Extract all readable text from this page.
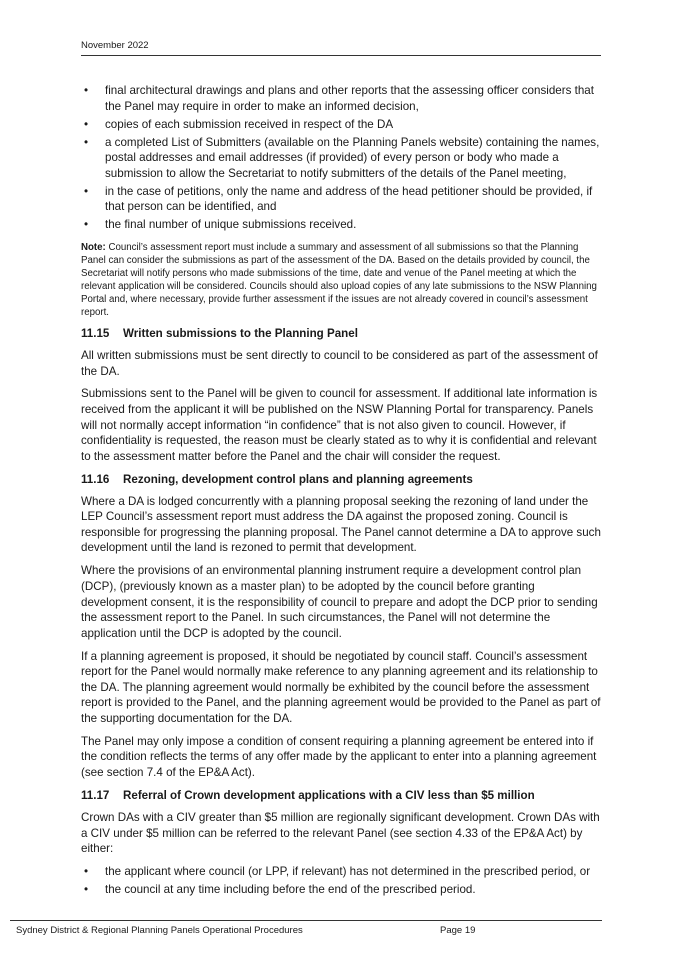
November 2022
• final architectural drawings and plans and other reports that the assessing officer considers that the Panel may require in order to make an informed decision,
• copies of each submission received in respect of the DA
• a completed List of Submitters (available on the Planning Panels website) containing the names, postal addresses and email addresses (if provided) of every person or body who made a submission to allow the Secretariat to notify submitters of the details of the Panel meeting,
• in the case of petitions, only the name and address of the head petitioner should be provided, if that person can be identified, and
• the final number of unique submissions received.
Note: Council’s assessment report must include a summary and assessment of all submissions so that the Planning Panel can consider the submissions as part of the assessment of the DA. Based on the details provided by council, the Secretariat will notify persons who made submissions of the time, date and venue of the Panel meeting at which the relevant application will be considered. Councils should also upload copies of any late submissions to the NSW Planning Portal and, where necessary, provide further assessment if the issues are not already covered in council’s assessment report.
11.15 Written submissions to the Planning Panel

All written submissions must be sent directly to council to be considered as part of the assessment of the DA.

Submissions sent to the Panel will be given to council for assessment. If additional late information is received from the applicant it will be published on the NSW Planning Portal for transparency. Panels will not normally accept information “in confidence” that is not also given to council. However, if confidentiality is requested, the reason must be clearly stated as to why it is confidential and relevant to the assessment matter before the Panel and the chair will consider the request.

11.16 Rezoning, development control plans and planning agreements

Where a DA is lodged concurrently with a planning proposal seeking the rezoning of land under the LEP Council’s assessment report must address the DA against the proposed zoning. Council is responsible for progressing the planning proposal. The Panel cannot determine a DA to approve such development until the land is rezoned to permit that development.

Where the provisions of an environmental planning instrument require a development control plan (DCP), (previously known as a master plan) to be adopted by the council before granting development consent, it is the responsibility of council to prepare and adopt the DCP prior to sending the assessment report to the Panel. In such circumstances, the Panel will not determine the application until the DCP is adopted by the council.

If a planning agreement is proposed, it should be negotiated by council staff. Council’s assessment report for the Panel would normally make reference to any planning agreement and its relationship to the DA. The planning agreement would normally be exhibited by the council before the assessment report is provided to the Panel, and the planning agreement would be provided to the Panel as part of the supporting documentation for the DA.

The Panel may only impose a condition of consent requiring a planning agreement be entered into if the condition reflects the terms of any offer made by the applicant to enter into a planning agreement (see section 7.4 of the EP&A Act).

11.17 Referral of Crown development applications with a CIV less than $5 million

Crown DAs with a CIV greater than $5 million are regionally significant development. Crown DAs with a CIV under $5 million can be referred to the relevant Panel (see section 4.33 of the EP&A Act) by either:

• the applicant where council (or LPP, if relevant) has not determined in the prescribed period, or
• the council at any time including before the end of the prescribed period.
Sydney District & Regional Planning Panels Operational Procedures	Page 19
